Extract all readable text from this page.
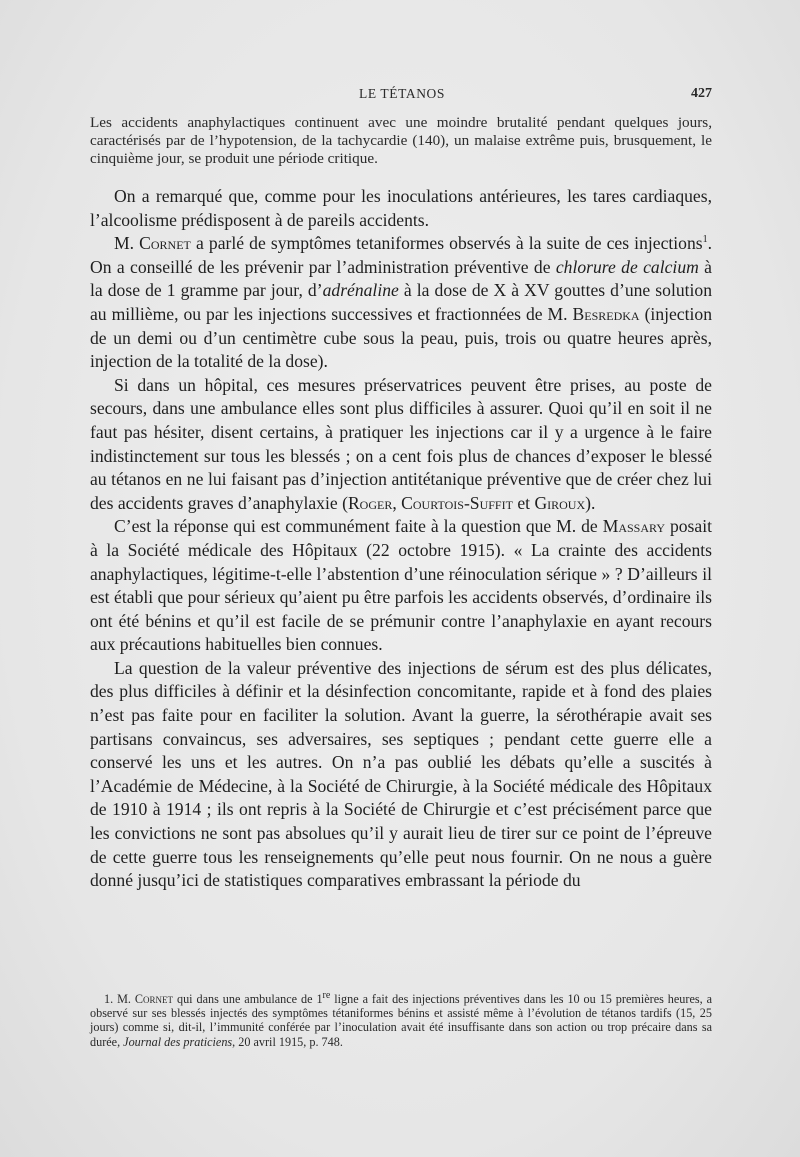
LE TÉTANOS	427

Les accidents anaphylactiques continuent avec une moindre brutalité pendant quelques jours, caractérisés par de l’hypotension, de la tachycardie (140), un malaise extrême puis, brusquement, le cinquième jour, se produit une période critique.

On a remarqué que, comme pour les inoculations antérieures, les tares cardiaques, l’alcoolisme prédisposent à de pareils accidents.

M. Cornet a parlé de symptômes tetaniformes observés à la suite de ces injections$^1$. On a conseillé de les prévenir par l’administration préventive de chlorure de calcium à la dose de 1 gramme par jour, d’adrénaline à la dose de X à XV gouttes d’une solution au millième, ou par les injections successives et fractionnées de M. Besredka (injection de un demi ou d’un centimètre cube sous la peau, puis, trois ou quatre heures après, injection de la totalité de la dose).

Si dans un hôpital, ces mesures préservatrices peuvent être prises, au poste de secours, dans une ambulance elles sont plus difficiles à assurer. Quoi qu’il en soit il ne faut pas hésiter, disent certains, à pratiquer les injections car il y a urgence à le faire indistinctement sur tous les blessés ; on a cent fois plus de chances d’exposer le blessé au tétanos en ne lui faisant pas d’injection antitétanique préventive que de créer chez lui des accidents graves d’anaphylaxie (Roger, Courtois-Suffit et Giroux).

C’est la réponse qui est communément faite à la question que M. de Massary posait à la Société médicale des Hôpitaux (22 octobre 1915). « La crainte des accidents anaphylactiques, légitime-t-elle l’abstention d’une réinoculation sérique » ? D’ailleurs il est établi que pour sérieux qu’aient pu être parfois les accidents observés, d’ordinaire ils ont été bénins et qu’il est facile de se prémunir contre l’anaphylaxie en ayant recours aux précautions habituelles bien connues.

La question de la valeur préventive des injections de sérum est des plus délicates, des plus difficiles à définir et la désinfection concomitante, rapide et à fond des plaies n’est pas faite pour en faciliter la solution. Avant la guerre, la sérothérapie avait ses partisans convaincus, ses adversaires, ses septiques ; pendant cette guerre elle a conservé les uns et les autres. On n’a pas oublié les débats qu’elle a suscités à l’Académie de Médecine, à la Société de Chirurgie, à la Société médicale des Hôpitaux de 1910 à 1914 ; ils ont repris à la Société de Chirurgie et c’est précisément parce que les convictions ne sont pas absolues qu’il y aurait lieu de tirer sur ce point de l’épreuve de cette guerre tous les renseignements qu’elle peut nous fournir. On ne nous a guère donné jusqu’ici de statistiques comparatives embrassant la période du

1. M. Cornet qui dans une ambulance de 1re ligne a fait des injections préventives dans les 10 ou 15 premières heures, a observé sur ses blessés injectés des symptômes tétaniformes bénins et assisté même à l’évolution de tétanos tardifs (15, 25 jours) comme si, dit-il, l’immunité conférée par l’inoculation avait été insuffisante dans son action ou trop précaire dans sa durée, Journal des praticiens, 20 avril 1915, p. 748.
